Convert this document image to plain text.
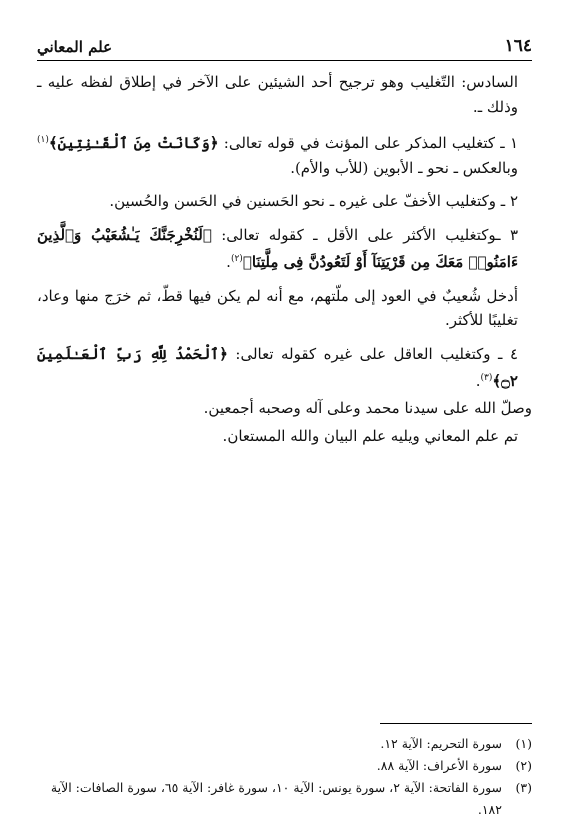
١٦٤
علم المعاني

السادس: التّغليب وهو ترجيح أحد الشيئين على الآخر في إطلاق لفظه عليه ـ وذلك ـ.

١ ـ كتغليب المذكر على المؤنث في قوله تعالى: ﴿وَكَانَتْ مِنَ ٱلْقَـٰنِتِينَ﴾$^{(١)}$ وبالعكس ـ نحو ـ الأبوين (للأب والأم).

٢ ـ وكتغليب الأخفّ على غيره ـ نحو الحَسنين في الحَسن والحُسين.

٣ ـوكتغليب الأكثر على الأقل ـ كقوله تعالى: ﴿لَنُخْرِجَنَّكَ يَـٰشُعَيْبُ وَٱلَّذِينَ ءَامَنُوا۟ مَعَكَ مِن قَرْيَتِنَآ أَوْ لَتَعُودُنَّ فِى مِلَّتِنَا﴾$^{(٢)}$.

أدخل شُعيبٌ في العود إلى ملّتهم، مع أنه لم يكن فيها قطّ، ثم خرَج منها وعاد، تغليبًا للأكثر.

٤ ـ وكتغليب العاقل على غيره كقوله تعالى: ﴿ٱلْحَمْدُ لِلَّهِ رَبِّ ٱلْعَـٰلَمِينَ ۝٢﴾$^{(٣)}$.

وصلّ الله على سيدنا محمد وعلى آله وصحبه أجمعين.

تم علم المعاني ويليه علم البيان والله المستعان.

(١)
سورة التحريم: الآية ١٢.
(٢)
سورة الأعراف: الآية ٨٨.
(٣)
سورة الفاتحة: الآية ٢، سورة يونس: الآية ١٠، سورة غافر: الآية ٦٥، سورة الصافات: الآية ١٨٢.
